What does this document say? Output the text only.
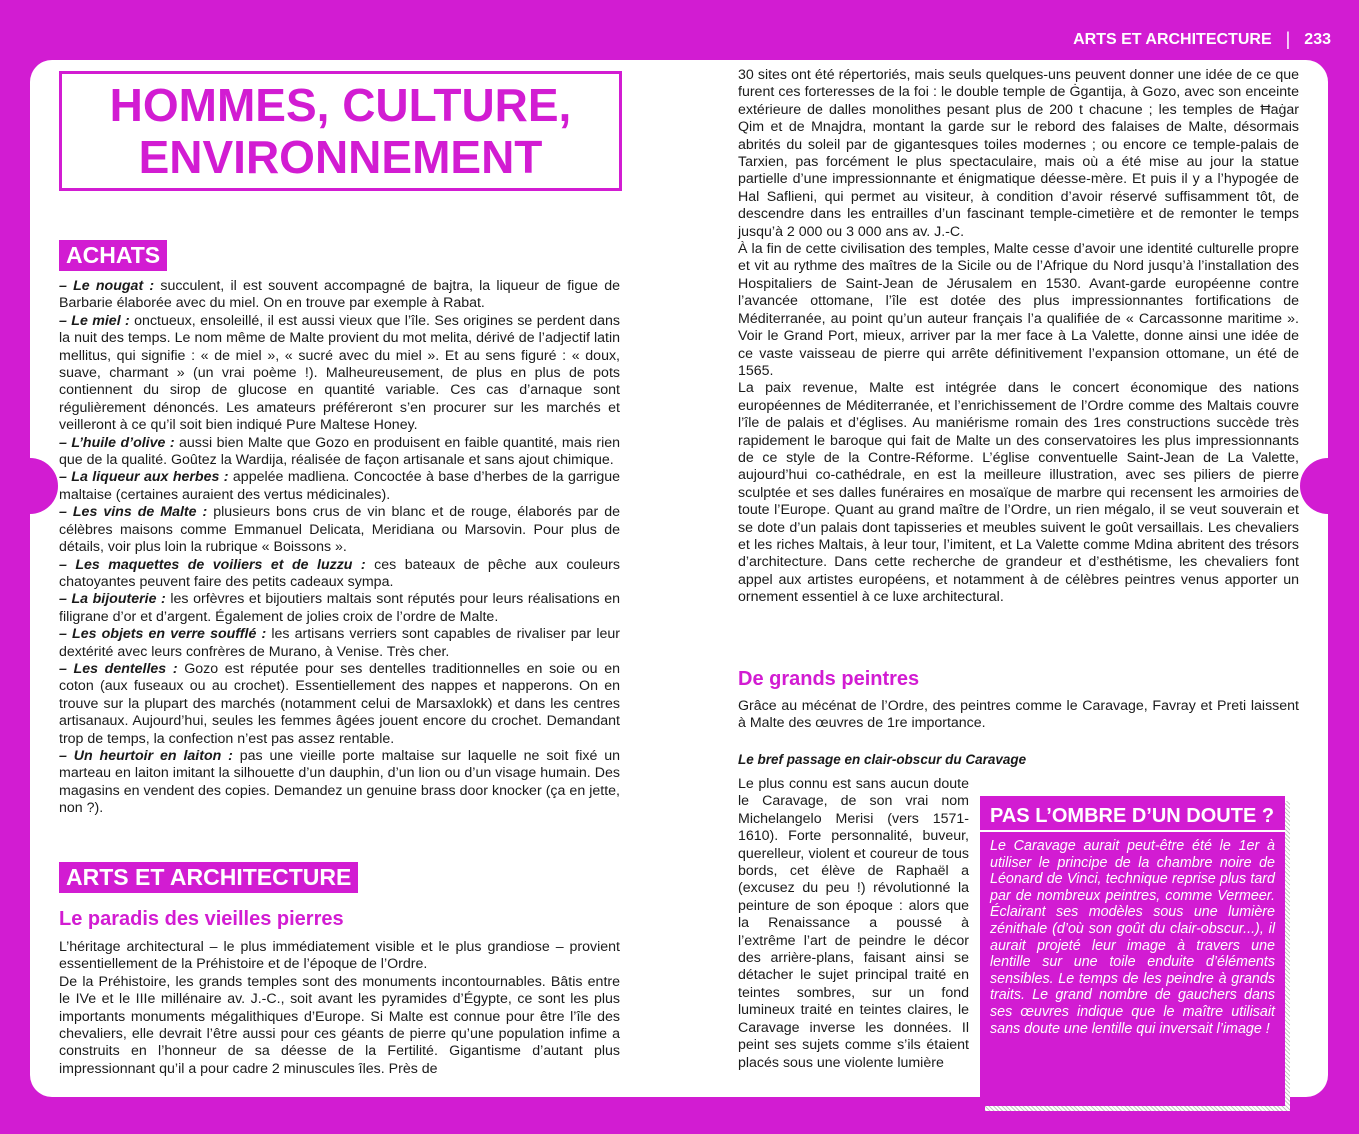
ARTS ET ARCHITECTURE | 233
HOMMES, CULTURE,
ENVIRONNEMENT
ACHATS

– Le nougat : succulent, il est souvent accompagné de bajtra, la liqueur de figue de Barbarie élaborée avec du miel. On en trouve par exemple à Rabat.

– Le miel : onctueux, ensoleillé, il est aussi vieux que l’île. Ses origines se perdent dans la nuit des temps. Le nom même de Malte provient du mot melita, dérivé de l’adjectif latin mellitus, qui signifie : « de miel », « sucré avec du miel ». Et au sens figuré : « doux, suave, charmant » (un vrai poème !). Malheureusement, de plus en plus de pots contiennent du sirop de glucose en quantité variable. Ces cas d’arnaque sont régulièrement dénoncés. Les amateurs préféreront s’en procurer sur les marchés et veilleront à ce qu’il soit bien indiqué Pure Maltese Honey.

– L’huile d’olive : aussi bien Malte que Gozo en produisent en faible quantité, mais rien que de la qualité. Goûtez la Wardija, réalisée de façon artisanale et sans ajout chimique.

– La liqueur aux herbes : appelée madliena. Concoctée à base d’herbes de la garrigue maltaise (certaines auraient des vertus médicinales).

– Les vins de Malte : plusieurs bons crus de vin blanc et de rouge, élaborés par de célèbres maisons comme Emmanuel Delicata, Meridiana ou Marsovin. Pour plus de détails, voir plus loin la rubrique « Boissons ».

– Les maquettes de voiliers et de luzzu : ces bateaux de pêche aux couleurs chatoyantes peuvent faire des petits cadeaux sympa.

– La bijouterie : les orfèvres et bijoutiers maltais sont réputés pour leurs réalisations en filigrane d’or et d’argent. Également de jolies croix de l’ordre de Malte.

– Les objets en verre soufflé : les artisans verriers sont capables de rivaliser par leur dextérité avec leurs confrères de Murano, à Venise. Très cher.

– Les dentelles : Gozo est réputée pour ses dentelles traditionnelles en soie ou en coton (aux fuseaux ou au crochet). Essentiellement des nappes et napperons. On en trouve sur la plupart des marchés (notamment celui de Marsaxlokk) et dans les centres artisanaux. Aujourd’hui, seules les femmes âgées jouent encore du crochet. Demandant trop de temps, la confection n’est pas assez rentable.

– Un heurtoir en laiton : pas une vieille porte maltaise sur laquelle ne soit fixé un marteau en laiton imitant la silhouette d’un dauphin, d’un lion ou d’un visage humain. Des magasins en vendent des copies. Demandez un genuine brass door knocker (ça en jette, non ?).

ARTS ET ARCHITECTURE
Le paradis des vieilles pierres

L’héritage architectural – le plus immédiatement visible et le plus grandiose – provient essentiellement de la Préhistoire et de l’époque de l’Ordre.

De la Préhistoire, les grands temples sont des monuments incontournables. Bâtis entre le IVe et le IIIe millénaire av. J.-C., soit avant les pyramides d’Égypte, ce sont les plus importants monuments mégalithiques d’Europe. Si Malte est connue pour être l’île des chevaliers, elle devrait l’être aussi pour ces géants de pierre qu’une population infime a construits en l’honneur de sa déesse de la Fertilité. Gigantisme d’autant plus impressionnant qu’il a pour cadre 2 minuscules îles. Près de

30 sites ont été répertoriés, mais seuls quelques-uns peuvent donner une idée de ce que furent ces forteresses de la foi : le double temple de Ġgantija, à Gozo, avec son enceinte extérieure de dalles monolithes pesant plus de 200 t chacune ; les temples de Ħaġar Qim et de Mnajdra, montant la garde sur le rebord des falaises de Malte, désormais abrités du soleil par de gigantesques toiles modernes ; ou encore ce temple-palais de Tarxien, pas forcément le plus spectaculaire, mais où a été mise au jour la statue partielle d’une impressionnante et énigmatique déesse-mère. Et puis il y a l’hypogée de Hal Saflieni, qui permet au visiteur, à condition d’avoir réservé suffisamment tôt, de descendre dans les entrailles d’un fascinant temple-cimetière et de remonter le temps jusqu’à 2 000 ou 3 000 ans av. J.-C.

À la fin de cette civilisation des temples, Malte cesse d’avoir une identité culturelle propre et vit au rythme des maîtres de la Sicile ou de l’Afrique du Nord jusqu’à l’installation des Hospitaliers de Saint-Jean de Jérusalem en 1530. Avant-garde européenne contre l’avancée ottomane, l’île est dotée des plus impressionnantes fortifications de Méditerranée, au point qu’un auteur français l’a qualifiée de « Carcassonne maritime ». Voir le Grand Port, mieux, arriver par la mer face à La Valette, donne ainsi une idée de ce vaste vaisseau de pierre qui arrête définitivement l’expansion ottomane, un été de 1565.

La paix revenue, Malte est intégrée dans le concert économique des nations européennes de Méditerranée, et l’enrichissement de l’Ordre comme des Maltais couvre l’île de palais et d’églises. Au maniérisme romain des 1res constructions succède très rapidement le baroque qui fait de Malte un des conservatoires les plus impressionnants de ce style de la Contre-Réforme. L’église conventuelle Saint-Jean de La Valette, aujourd’hui co-cathédrale, en est la meilleure illustration, avec ses piliers de pierre sculptée et ses dalles funéraires en mosaïque de marbre qui recensent les armoiries de toute l’Europe. Quant au grand maître de l’Ordre, un rien mégalo, il se veut souverain et se dote d’un palais dont tapisseries et meubles suivent le goût versaillais. Les chevaliers et les riches Maltais, à leur tour, l’imitent, et La Valette comme Mdina abritent des trésors d’architecture. Dans cette recherche de grandeur et d’esthétisme, les chevaliers font appel aux artistes européens, et notamment à de célèbres peintres venus apporter un ornement essentiel à ce luxe architectural.

De grands peintres
Grâce au mécénat de l’Ordre, des peintres comme le Caravage, Favray et Preti laissent à Malte des œuvres de 1re importance.
Le bref passage en clair-obscur du Caravage
Le plus connu est sans aucun doute le Caravage, de son vrai nom Michelangelo Merisi (vers 1571-1610). Forte personnalité, buveur, querelleur, violent et coureur de tous bords, cet élève de Raphaël a (excusez du peu !) révolutionné la peinture de son époque : alors que la Renaissance a poussé à l’extrême l’art de peindre le décor des arrière-plans, faisant ainsi se détacher le sujet principal traité en teintes sombres, sur un fond lumineux traité en teintes claires, le Caravage inverse les données. Il peint ses sujets comme s’ils étaient placés sous une violente lumière
PAS L’OMBRE D’UN DOUTE ?
Le Caravage aurait peut-être été le 1er à utiliser le principe de la chambre noire de Léonard de Vinci, technique reprise plus tard par de nombreux peintres, comme Vermeer. Éclairant ses modèles sous une lumière zénithale (d’où son goût du clair-obscur...), il aurait projeté leur image à travers une lentille sur une toile enduite d’éléments sensibles. Le temps de les peindre à grands traits. Le grand nombre de gauchers dans ses œuvres indique que le maître utilisait sans doute une lentille qui inversait l’image !
